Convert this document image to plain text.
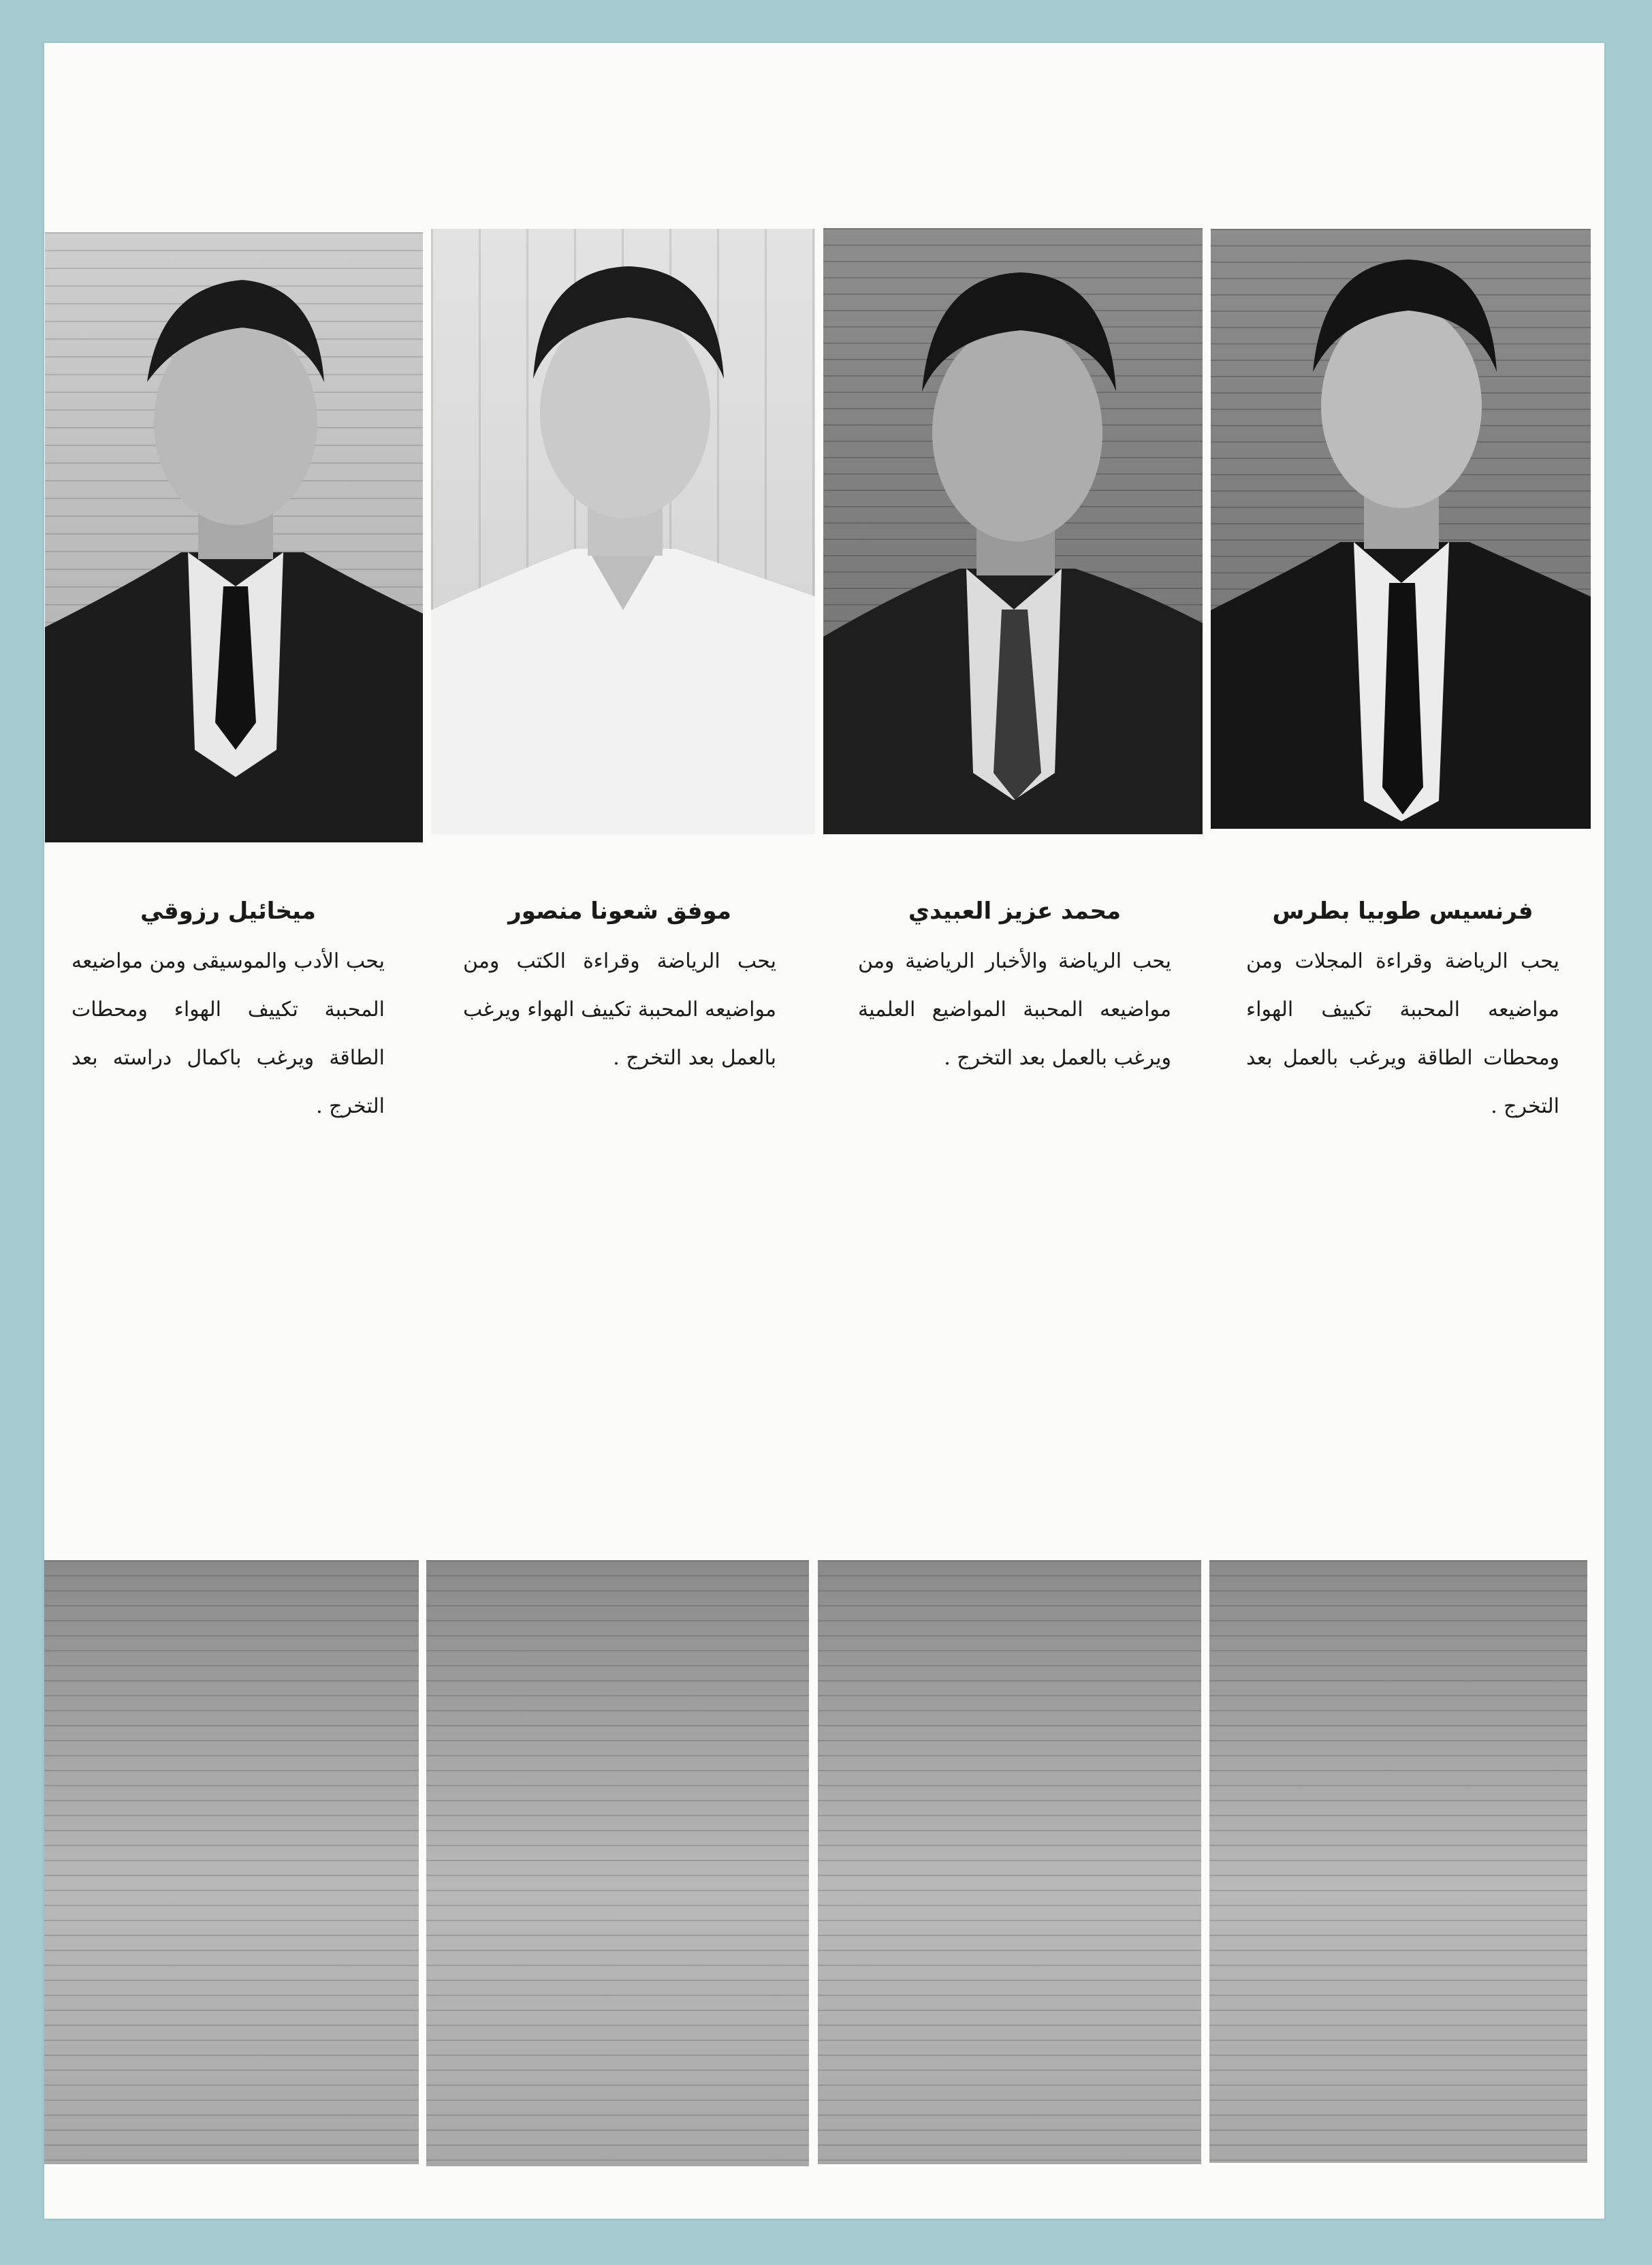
فرنسيس طوبيا بطرس
يحب الرياضة وقراءة المجلات ومن مواضيعه المحببة تكييف الهواء ومحطات الطاقة ويرغب بالعمل بعد التخرج .
محمد عزيز العبيدي
يحب الرياضة والأخبار الرياضية ومن مواضيعه المحببة المواضيع العلمية ويرغب بالعمل بعد التخرج .
موفق شعونا منصور
يحب الرياضة وقراءة الكتب ومن مواضيعه المحببة تكييف الهواء ويرغب بالعمل بعد التخرج .
ميخائيل رزوقي
يحب الأدب والموسيقى ومن مواضيعه المحببة تكييف الهواء ومحطات الطاقة ويرغب باكمال دراسته بعد التخرج .
